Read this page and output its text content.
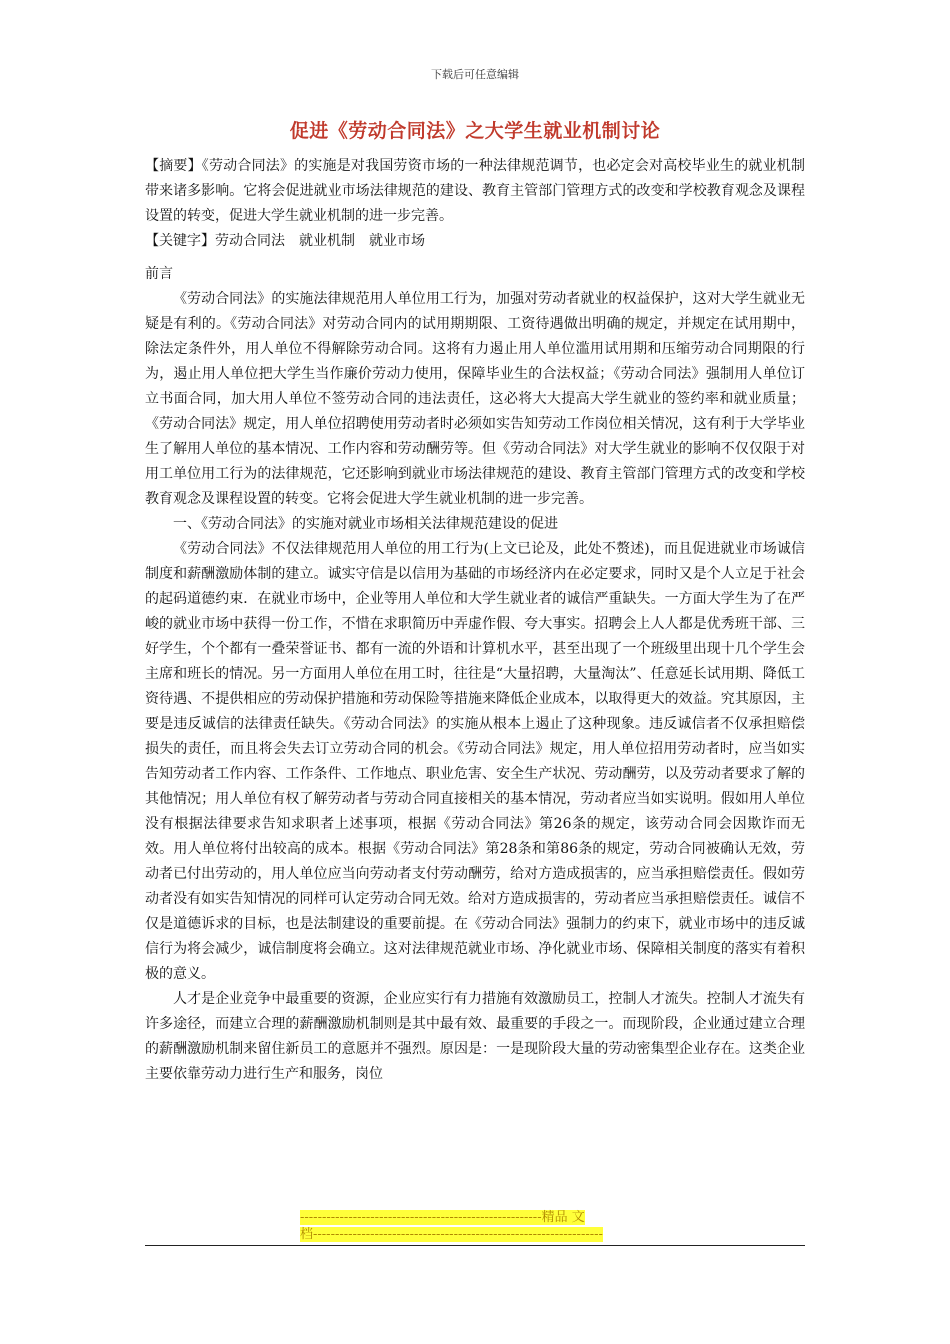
下载后可任意编辑
促进《劳动合同法》之大学生就业机制讨论

【摘要】《劳动合同法》的实施是对我国劳资市场的一种法律规范调节，也必定会对高校毕业生的就业机制带来诸多影响。它将会促进就业市场法律规范的建设、教育主管部门管理方式的改变和学校教育观念及课程设置的转变，促进大学生就业机制的进一步完善。

【关键字】劳动合同法　就业机制　就业市场

前言

《劳动合同法》的实施法律规范用人单位用工行为，加强对劳动者就业的权益保护，这对大学生就业无疑是有利的。《劳动合同法》对劳动合同内的试用期期限、工资待遇做出明确的规定，并规定在试用期中，除法定条件外，用人单位不得解除劳动合同。这将有力遏止用人单位滥用试用期和压缩劳动合同期限的行为，遏止用人单位把大学生当作廉价劳动力使用，保障毕业生的合法权益；《劳动合同法》强制用人单位订立书面合同，加大用人单位不签劳动合同的违法责任，这必将大大提高大学生就业的签约率和就业质量；《劳动合同法》规定，用人单位招聘使用劳动者时必须如实告知劳动工作岗位相关情况，这有利于大学毕业生了解用人单位的基本情况、工作内容和劳动酬劳等。但《劳动合同法》对大学生就业的影响不仅仅限于对用工单位用工行为的法律规范，它还影响到就业市场法律规范的建设、教育主管部门管理方式的改变和学校教育观念及课程设置的转变。它将会促进大学生就业机制的进一步完善。

一、《劳动合同法》的实施对就业市场相关法律规范建设的促进

《劳动合同法》不仅法律规范用人单位的用工行为(上文已论及，此处不赘述)，而且促进就业市场诚信制度和薪酬激励体制的建立。诚实守信是以信用为基础的市场经济内在必定要求，同时又是个人立足于社会的起码道德约束．在就业市场中，企业等用人单位和大学生就业者的诚信严重缺失。一方面大学生为了在严峻的就业市场中获得一份工作，不惜在求职简历中弄虚作假、夸大事实。招聘会上人人都是优秀班干部、三好学生，个个都有一叠荣誉证书、都有一流的外语和计算机水平，甚至出现了一个班级里出现十几个学生会主席和班长的情况。另一方面用人单位在用工时，往往是“大量招聘，大量淘汰”、任意延长试用期、降低工资待遇、不提供相应的劳动保护措施和劳动保险等措施来降低企业成本，以取得更大的效益。究其原因，主要是违反诚信的法律责任缺失。《劳动合同法》的实施从根本上遏止了这种现象。违反诚信者不仅承担赔偿损失的责任，而且将会失去订立劳动合同的机会。《劳动合同法》规定，用人单位招用劳动者时，应当如实告知劳动者工作内容、工作条件、工作地点、职业危害、安全生产状况、劳动酬劳，以及劳动者要求了解的其他情况；用人单位有权了解劳动者与劳动合同直接相关的基本情况，劳动者应当如实说明。假如用人单位没有根据法律要求告知求职者上述事项，根据《劳动合同法》第26条的规定，该劳动合同会因欺诈而无效。用人单位将付出较高的成本。根据《劳动合同法》第28条和第86条的规定，劳动合同被确认无效，劳动者已付出劳动的，用人单位应当向劳动者支付劳动酬劳，给对方造成损害的，应当承担赔偿责任。假如劳动者没有如实告知情况的同样可认定劳动合同无效。给对方造成损害的，劳动者应当承担赔偿责任。诚信不仅是道德诉求的目标，也是法制建设的重要前提。在《劳动合同法》强制力的约束下，就业市场中的违反诚信行为将会减少，诚信制度将会确立。这对法律规范就业市场、净化就业市场、保障相关制度的落实有着积极的意义。

人才是企业竞争中最重要的资源，企业应实行有力措施有效激励员工，控制人才流失。控制人才流失有许多途径，而建立合理的薪酬激励机制则是其中最有效、最重要的手段之一。而现阶段，企业通过建立合理的薪酬激励机制来留住新员工的意愿并不强烈。原因是：一是现阶段大量的劳动密集型企业存在。这类企业主要依靠劳动力进行生产和服务，岗位

-------------------------------------------------------精品 文
档------------------------------------------------------------------
